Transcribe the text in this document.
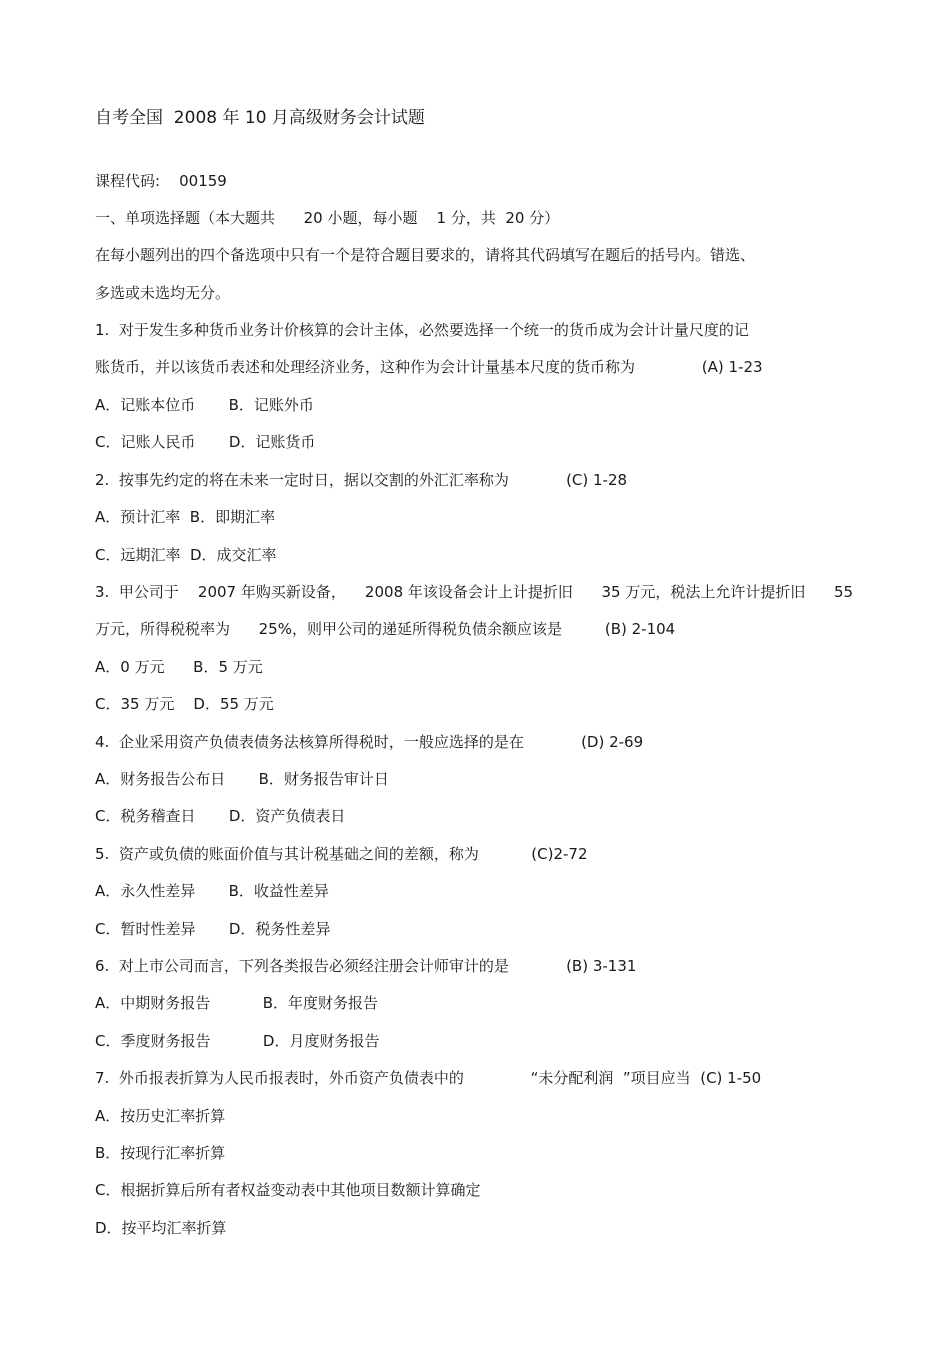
自考全国  2008 年 10 月高级财务会计试题
课程代码:    00159
一、单项选择题（本大题共      20 小题，每小题    1 分，共  20 分）
在每小题列出的四个备选项中只有一个是符合题目要求的，请将其代码填写在题后的括号内。错选、
多选或未选均无分。
1.  对于发生多种货币业务计价核算的会计主体，必然要选择一个统一的货币成为会计计量尺度的记
账货币，并以该货币表述和处理经济业务，这种作为会计计量基本尺度的货币称为              (A) 1-23
A．记账本位币       B．记账外币
C．记账人民币       D．记账货币
2.  按事先约定的将在未来一定时日，据以交割的外汇汇率称为            (C) 1-28
A．预计汇率  B．即期汇率
C．远期汇率  D．成交汇率
3.  甲公司于    2007 年购买新设备，    2008 年该设备会计上计提折旧      35 万元，税法上允许计提折旧      55
万元，所得税税率为      25%，则甲公司的递延所得税负债余额应该是         (B) 2-104
A．0 万元      B．5 万元
C．35 万元    D．55 万元
4.  企业采用资产负债表债务法核算所得税时，一般应选择的是在            (D) 2-69
A．财务报告公布日       B．财务报告审计日
C．税务稽查日       D．资产负债表日
5.  资产或负债的账面价值与其计税基础之间的差额，称为           (C)2-72
A．永久性差异       B．收益性差异
C．暂时性差异       D．税务性差异
6.  对上市公司而言，下列各类报告必须经注册会计师审计的是            (B) 3-131
A．中期财务报告           B．年度财务报告
C．季度财务报告           D．月度财务报告
7.  外币报表折算为人民币报表时，外币资产负债表中的              “未分配利润  ”项目应当  (C) 1-50
A．按历史汇率折算
B．按现行汇率折算
C．根据折算后所有者权益变动表中其他项目数额计算确定
D．按平均汇率折算
